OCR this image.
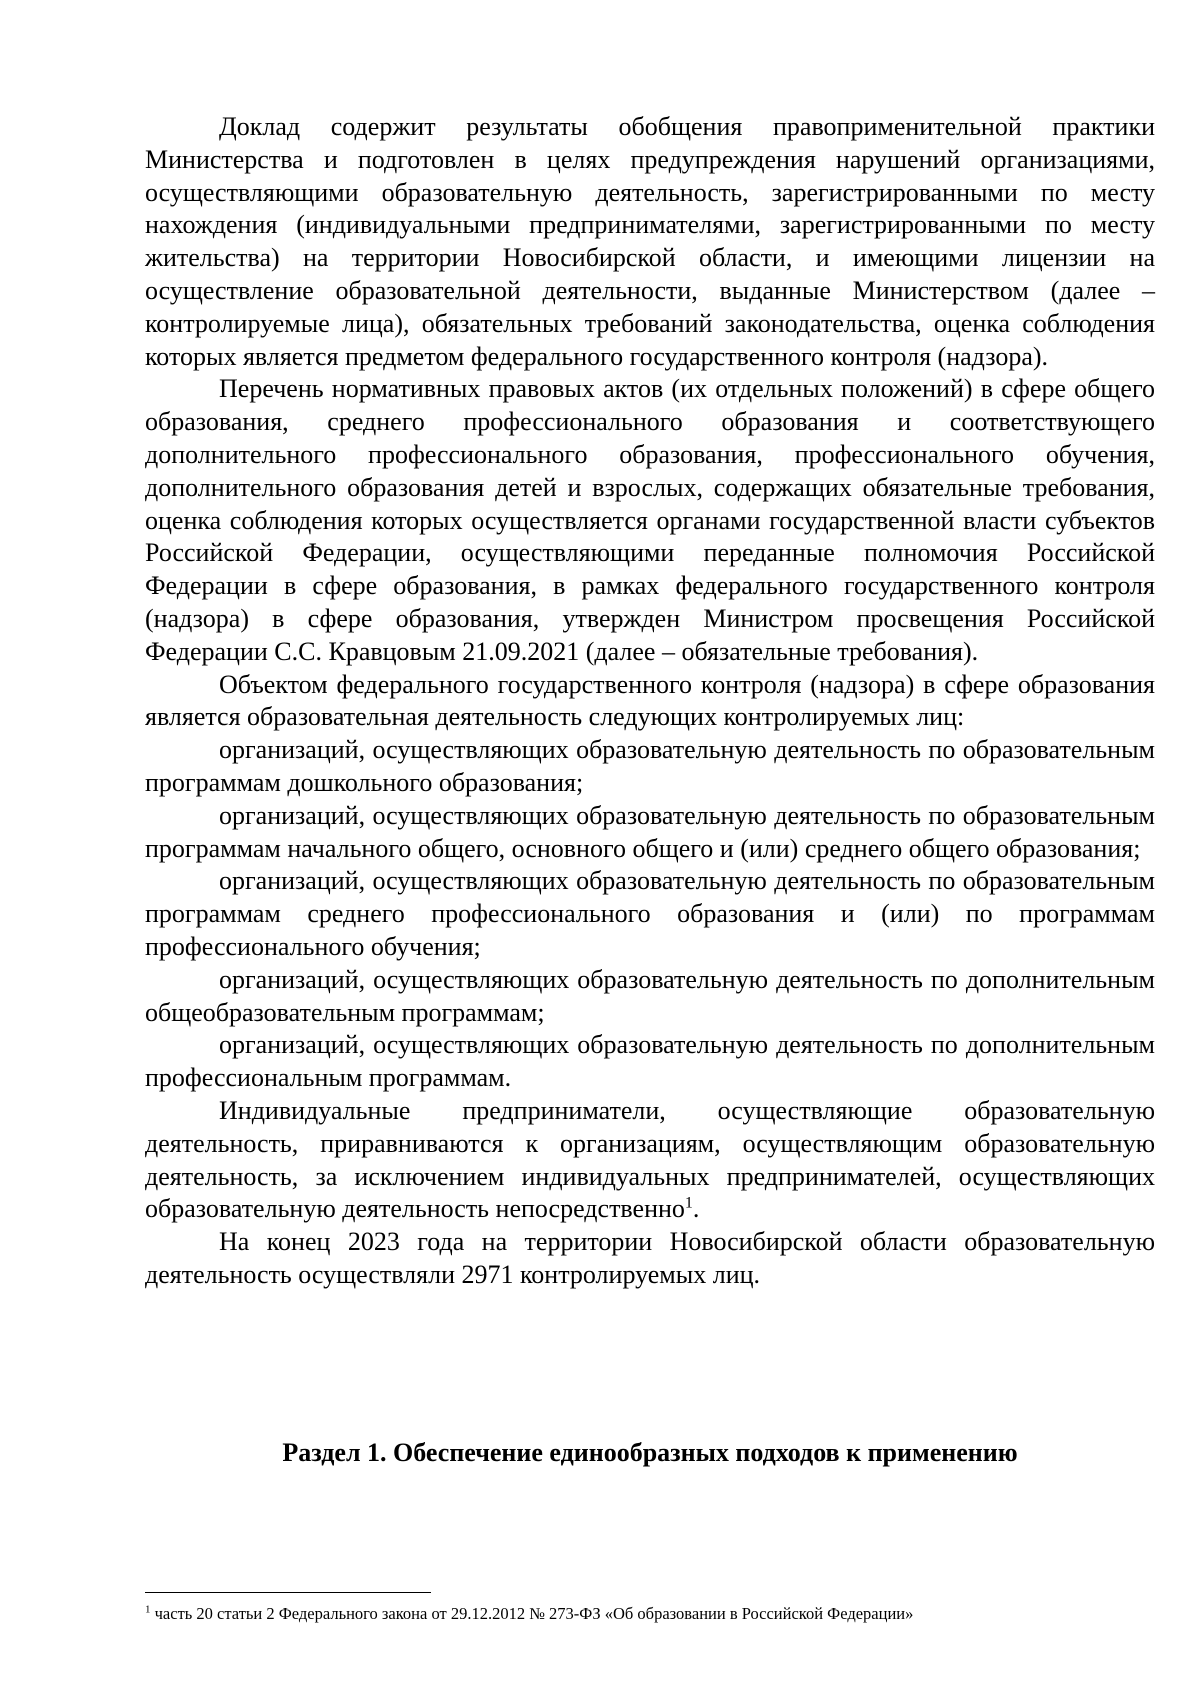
Доклад содержит результаты обобщения правоприменительной практики Министерства и подготовлен в целях предупреждения нарушений организациями, осуществляющими образовательную деятельность, зарегистрированными по месту нахождения (индивидуальными предпринимателями, зарегистрированными по месту жительства) на территории Новосибирской области, и имеющими лицензии на осуществление образовательной деятельности, выданные Министерством (далее – контролируемые лица), обязательных требований законодательства, оценка соблюдения которых является предметом федерального государственного контроля (надзора).

Перечень нормативных правовых актов (их отдельных положений) в сфере общего образования, среднего профессионального образования и соответствующего дополнительного профессионального образования, профессионального обучения, дополнительного образования детей и взрослых, содержащих обязательные требования, оценка соблюдения которых осуществляется органами государственной власти субъектов Российской Федерации, осуществляющими переданные полномочия Российской Федерации в сфере образования, в рамках федерального государственного контроля (надзора) в сфере образования, утвержден Министром просвещения Российской Федерации С.С. Кравцовым 21.09.2021 (далее – обязательные требования).

Объектом федерального государственного контроля (надзора) в сфере образования является образовательная деятельность следующих контролируемых лиц:

организаций, осуществляющих образовательную деятельность по образовательным программам дошкольного образования;

организаций, осуществляющих образовательную деятельность по образовательным программам начального общего, основного общего и (или) среднего общего образования;

организаций, осуществляющих образовательную деятельность по образовательным программам среднего профессионального образования и (или) по программам профессионального обучения;

организаций, осуществляющих образовательную деятельность по дополнительным общеобразовательным программам;

организаций, осуществляющих образовательную деятельность по дополнительным профессиональным программам.

Индивидуальные предприниматели, осуществляющие образовательную деятельность, приравниваются к организациям, осуществляющим образовательную деятельность, за исключением индивидуальных предпринимателей, осуществляющих образовательную деятельность непосредственно$^1$.

На конец 2023 года на территории Новосибирской области образовательную деятельность осуществляли 2971 контролируемых лиц.

Раздел 1. Обеспечение единообразных подходов к применению
$^1$ часть 20 статьи 2 Федерального закона от 29.12.2012 № 273-ФЗ «Об образовании в Российской Федерации»
